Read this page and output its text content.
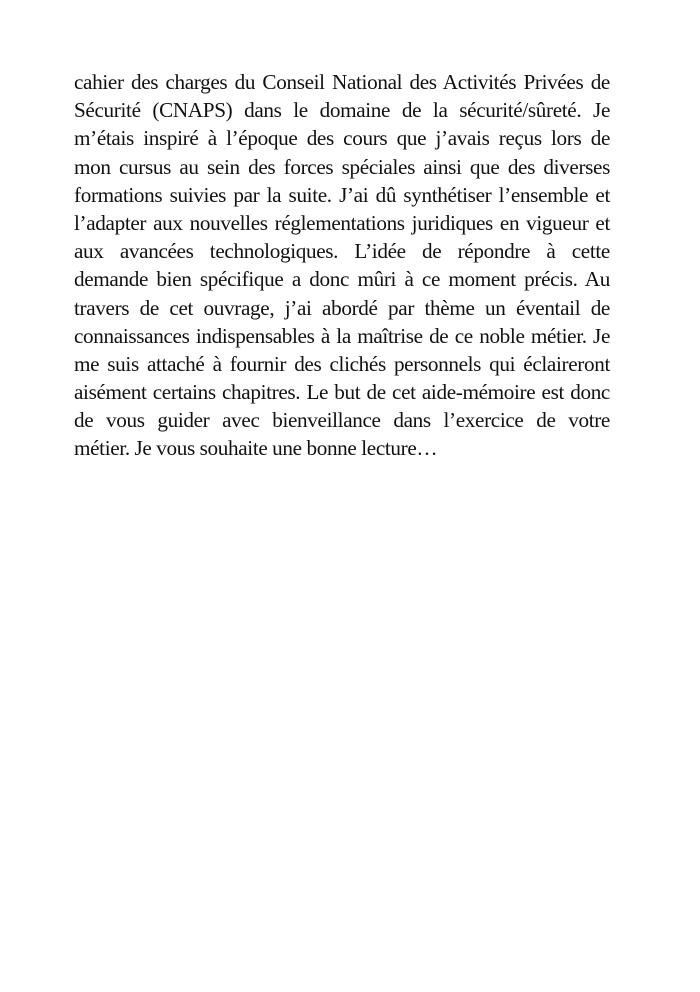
cahier des charges du Conseil National des Activités Privées de
Sécurité (CNAPS) dans le domaine de la sécurité/sûreté. Je
m’étais inspiré à l’époque des cours que j’avais reçus lors de
mon cursus au sein des forces spéciales ainsi que des diverses
formations suivies par la suite. J’ai dû synthétiser l’ensemble et
l’adapter aux nouvelles réglementations juridiques en vigueur et
aux avancées technologiques. L’idée de répondre à cette
demande bien spécifique a donc mûri à ce moment précis. Au
travers de cet ouvrage, j’ai abordé par thème un éventail de
connaissances indispensables à la maîtrise de ce noble métier. Je
me suis attaché à fournir des clichés personnels qui éclaireront
aisément certains chapitres. Le but de cet aide-mémoire est donc
de vous guider avec bienveillance dans l’exercice de votre
métier. Je vous souhaite une bonne lecture…
